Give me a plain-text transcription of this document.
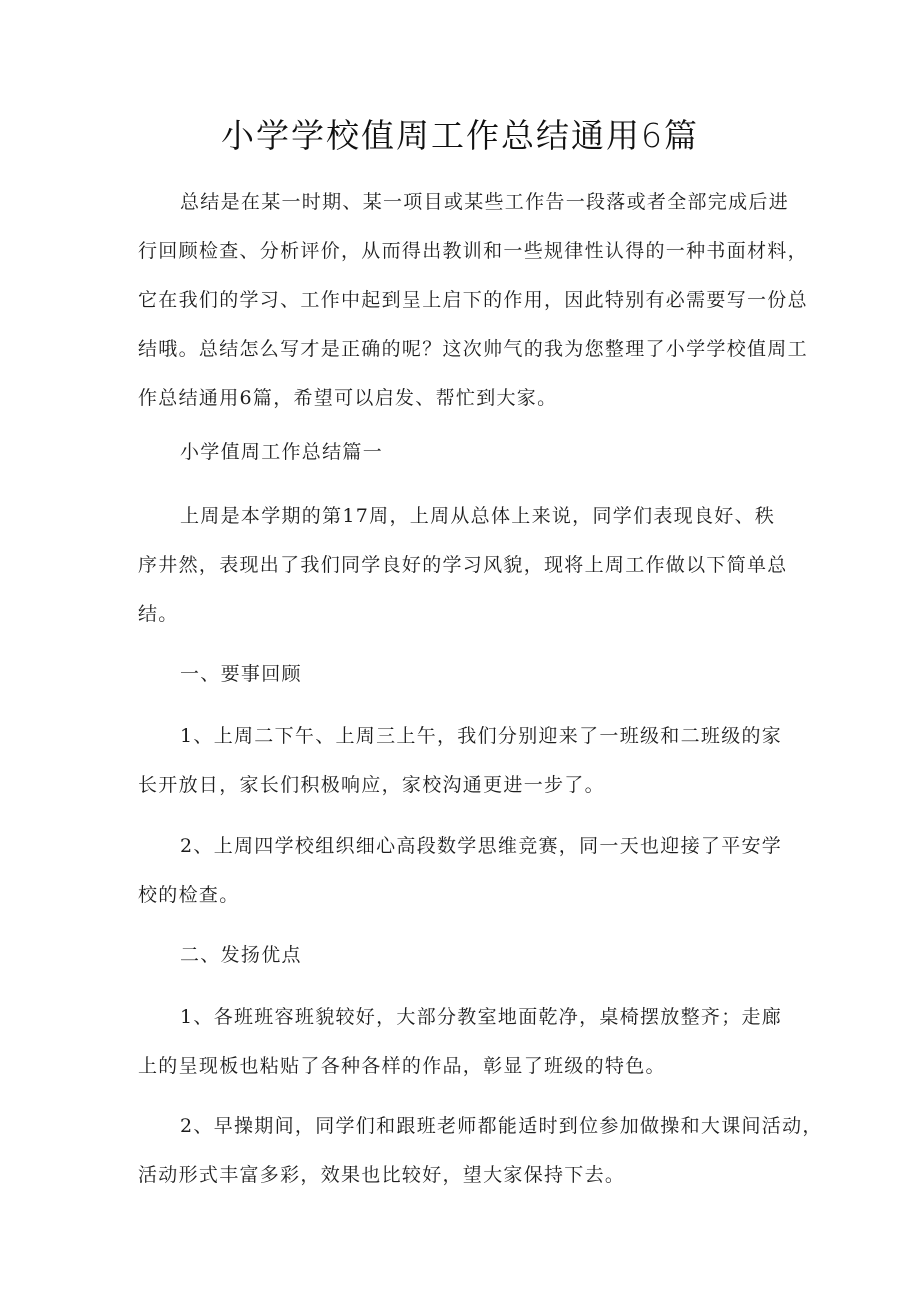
小学学校值周工作总结通用6篇
总结是在某一时期、某一项目或某些工作告一段落或者全部完成后进
行回顾检查、分析评价，从而得出教训和一些规律性认得的一种书面材料，
它在我们的学习、工作中起到呈上启下的作用，因此特别有必需要写一份总
结哦。总结怎么写才是正确的呢？这次帅气的我为您整理了小学学校值周工
作总结通用6篇，希望可以启发、帮忙到大家。

小学值周工作总结篇一

上周是本学期的第17周，上周从总体上来说，同学们表现良好、秩
序井然，表现出了我们同学良好的学习风貌，现将上周工作做以下简单总
结。

一、要事回顾

1、上周二下午、上周三上午，我们分别迎来了一班级和二班级的家
长开放日，家长们积极响应，家校沟通更进一步了。
2、上周四学校组织细心高段数学思维竞赛，同一天也迎接了平安学
校的检查。

二、发扬优点

1、各班班容班貌较好，大部分教室地面乾净，桌椅摆放整齐；走廊
上的呈现板也粘贴了各种各样的作品，彰显了班级的特色。
2、早操期间，同学们和跟班老师都能适时到位参加做操和大课间活动，
活动形式丰富多彩，效果也比较好，望大家保持下去。
